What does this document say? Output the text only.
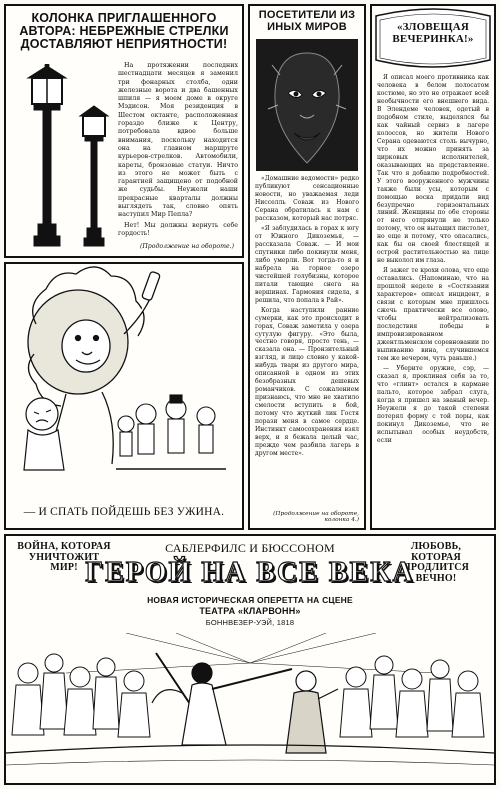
КОЛОНКА ПРИГЛАШЕННОГО АВТОРА: НЕБРЕЖНЫЕ СТРЕЛКИ ДОСТАВЛЯЮТ НЕПРИЯТНОСТИ!

На протяжении последних шестнадцати месяцев я заменил три фонарных столба, одни железные ворота и два башенных шпиля — я моем доме в округе Мэдисон. Моя резиденция в Шестом октанте, расположенная гораздо ближе к Центру, потребовала вдвое больше внимания, поскольку находится она на главном маршруте курьеров-стрелков. Автомобили, кареты, бронзовые статуи. Ничто из этого не может быть с гарантией защищено от подобной же судьбы. Неужели наши прекрасные кварталы должны выглядеть так, словно опять наступил Мир Пепла?

Нет! Мы должны вернуть себе гордость!

(Продолжение на обороте.)
— И СПАТЬ ПОЙДЕШЬ БЕЗ УЖИНА.
ПОСЕТИТЕЛИ ИЗ ИНЫХ МИРОВ

«Домашние ведомости» редко публикуют сенсационные новости, но уважаемая леди Нисселль Соваж из Нового Серана обратилась к нам с рассказом, который нас потряс.

«Я заблудилась в горах к югу от Южного Дикоземья, — рассказала Соваж. — И мои спутники либо покинули меня, либо умерли. Вот тогда-то я и набрела на горное озеро чистейшей голубизны, которое питали тающие снега на вершинах. Гармония сидела, я решила, что попала в Рай».

Когда наступили ранние сумерки, как это происходит в горах, Соваж заметила у озера сутулую фигуру. «Это была, честно говоря, просто тень, — сказала она. — Пронзительный взгляд, и лицо словно у какой-нибудь твари из другого мира, описанной в одном из этих безобразных дешевых романчиков. С сожалением признаюсь, что мне не хватило смелости вступить в бой, потому что жуткий лик Гостя порази меня в самое сердце. Инстинкт самосохранения взял верх, и я бежала целый час, прежде чем разбила лагерь в другом месте».

(Продолжение на обороте, колонка 4.)
«ЗЛОВЕЩАЯ ВЕЧЕРИНКА!»

Я описал моего противника как человека в белом полосатом костюме, но это не отражает всей необычности его внешнего вида. В Элендеме человек, одетый в подобном стиле, выделялся бы как чайный сервиз в лагере колоссов, но жители Нового Серана одеваются столь вычурно, что их можно принять за цирковых исполнителей, оказывающих на представление. Так что я добавлю подробностей. У этого вооруженного мужчины также были усы, которым с помощью воска придали вид безупречно горизонтальных линий. Женщины по обе стороны от него отпрянули не только потому, что он вытащил пистолет, но еще и потому, что опасались, как бы он своей блестящей и острой растительностью на лице не выколол им глаза.

Я зажег те крохи олова, что еще оставались. (Напоминаю, что на прошлой неделе в «Состязании характеров» описал инцидент, в связи с которым мне пришлось сжечь практически все олово, чтобы нейтрализовать последствия победы в импровизированном джентльменском соревновании по выпиванию вина, случившемся тем же вечером, чуть раньше.)

— Уберите оружие, сэр, — сказал я, проклиная себя за то, что «глинт» остался в кармане пальто, которое забрал слуга, когда я пришел на званый вечер. Неужели я до такой степени потерял форму с той поры, как покинул Дикоземье, что не испытывал особых неудобств, если

ВОЙНА, КОТОРАЯ УНИЧТОЖИТ МИР!
ЛЮБОВЬ, КОТОРАЯ ПРОДЛИТСЯ ВЕЧНО!
САБЛЕРФИЛС И БЮССОНОМ
ГЕРОЙ НА ВСЕ ВЕКА
НОВАЯ ИСТОРИЧЕСКАЯ ОПЕРЕТТА НА СЦЕНЕ
ТЕАТРА «КЛАРВОНН»
БОННВЕЗЕР-УЭЙ, 1818
